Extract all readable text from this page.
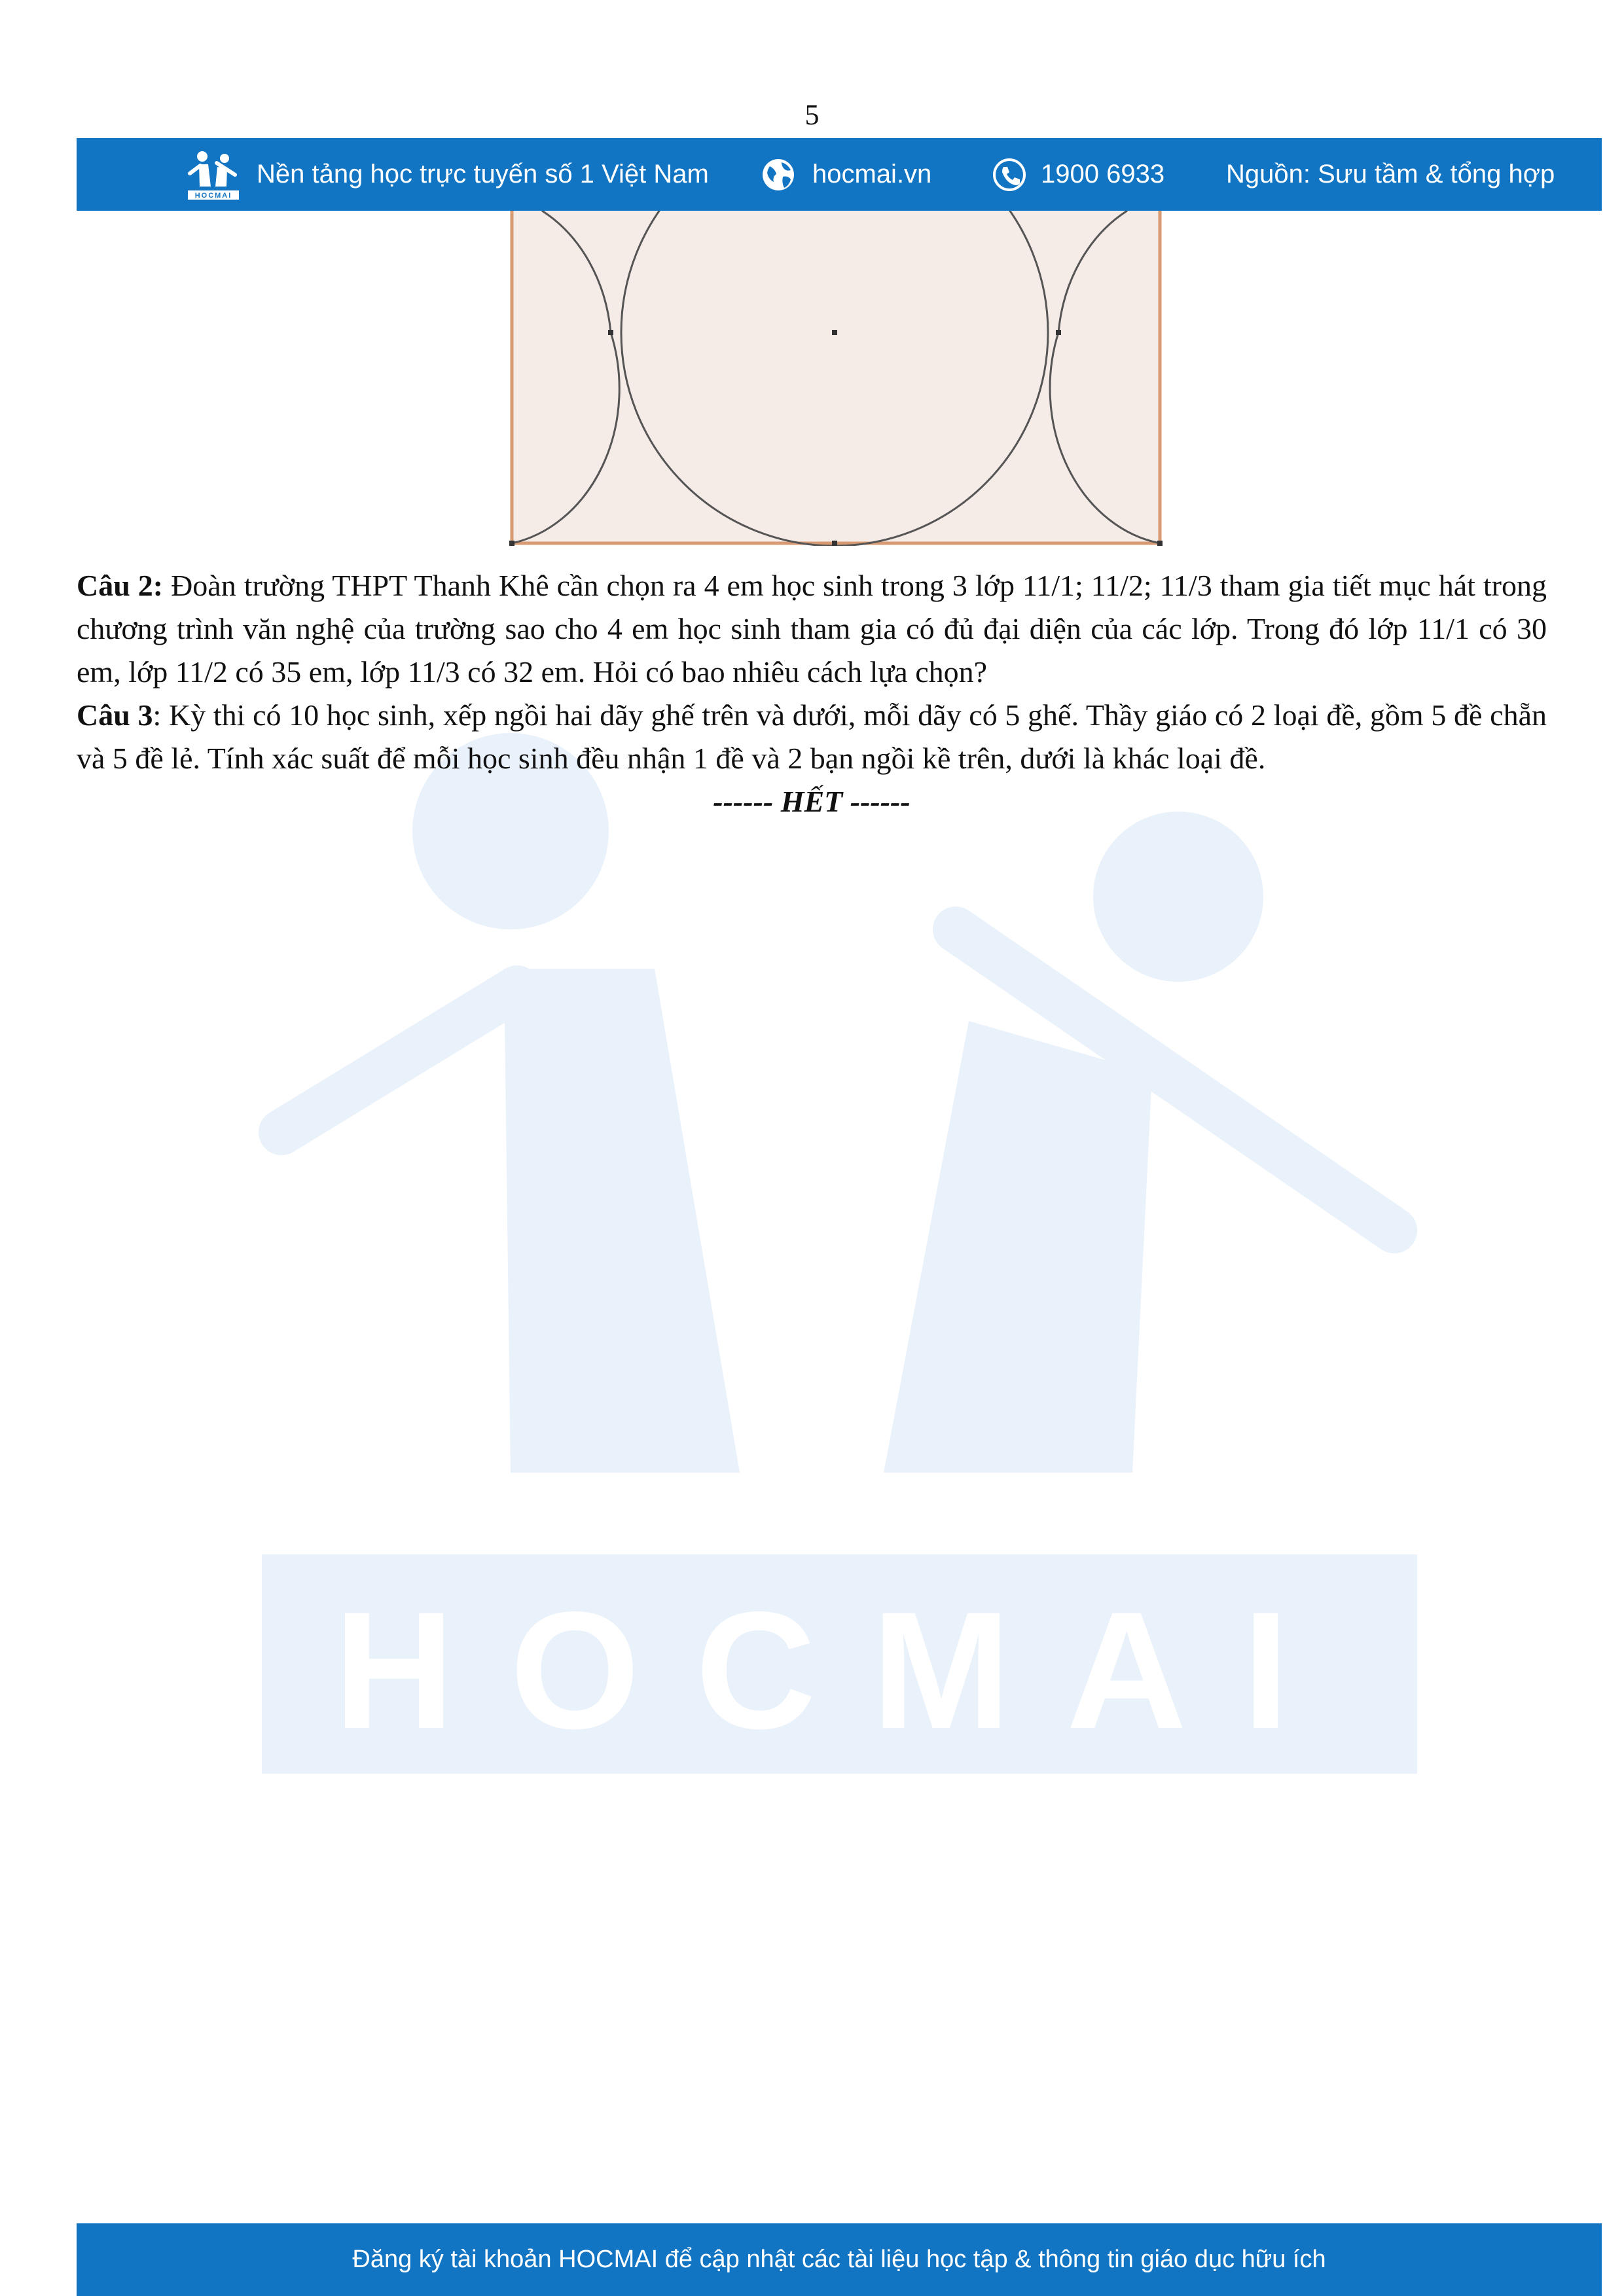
HOCMAI
5
HOCMAI
Nền tảng học trực tuyến số 1 Việt Nam	hocmai.vn	1900 6933 Nguồn: Sưu tầm & tổng hợp

Câu 2: Đoàn trường THPT Thanh Khê cần chọn ra 4 em học sinh trong 3 lớp 11/1; 11/2; 11/3 tham gia tiết mục hát trong chương trình văn nghệ của trường sao cho 4 em học sinh tham gia có đủ đại diện của các lớp. Trong đó lớp 11/1 có 30 em, lớp 11/2 có 35 em, lớp 11/3 có 32 em. Hỏi có bao nhiêu cách lựa chọn?

Câu 3: Kỳ thi có 10 học sinh, xếp ngồi hai dãy ghế trên và dưới, mỗi dãy có 5 ghế. Thầy giáo có 2 loại đề, gồm 5 đề chẵn và 5 đề lẻ. Tính xác suất để mỗi học sinh đều nhận 1 đề và 2 bạn ngồi kề trên, dưới là khác loại đề.

------ HẾT ------

Đăng ký tài khoản HOCMAI để cập nhật các tài liệu học tập & thông tin giáo dục hữu ích
